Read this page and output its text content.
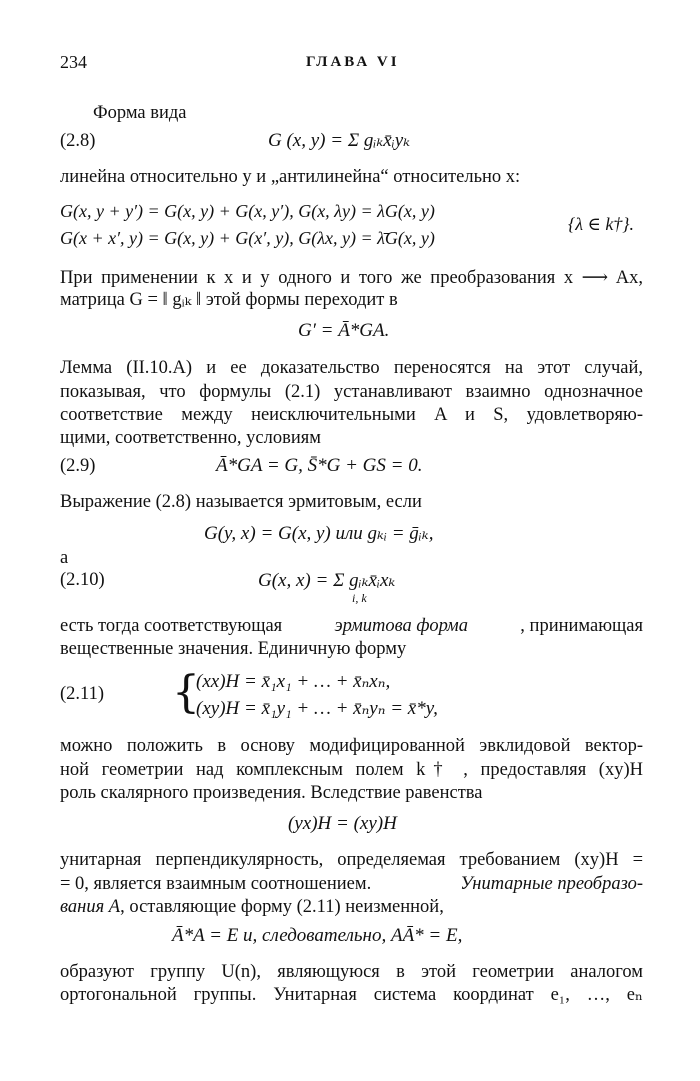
234	ГЛАВА VI
Форма вида
(2.8)	G (x, y) = Σ gᵢₖx̄ᵢyₖ
линейна относительно y и „антилинейна“ относительно x:
G(x, y + y′) = G(x, y) + G(x, y′), G(x, λy) = λG(x, y)
G(x + x′, y) = G(x, y) + G(x′, y), G(λx, y) = λ̄G(x, y)
{λ ∈ k†}.
При применении к x и y одного и того же преобразования x ⟶ Ax,
матрица G = ‖ gᵢₖ ‖ этой формы переходит в
G′ = Ā*GA.
Лемма (II.10.A) и ее доказательство переносятся на этот случай,
показывая, что формулы (2.1) устанавливают взаимно однозначное
соответствие между неисключительными A и S, удовлетворяю-
щими, соответственно, условиям
(2.9)	Ā*GA = G, S̄*G + GS = 0.
Выражение (2.8) называется эрмитовым, если
G(y, x) = G(x, y) или gₖᵢ = ḡᵢₖ,
а
(2.10)	G(x, x) = Σ gᵢₖx̄ᵢxₖ
i, k
есть тогда соответствующая	эрмитова форма	, принимающая
вещественные значения. Единичную форму
(2.11) {
(xx)H = x̄₁x₁ + … + x̄ₙxₙ,
(xy)H = x̄₁y₁ + … + x̄ₙyₙ = x̄*y,
можно положить в основу модифицированной эвклидовой вектор-
ной геометрии над комплексным полем k† , предоставляя (xy)H
роль скалярного произведения. Вследствие равенства
(yx)H = (xy)H
унитарная перпендикулярность, определяемая требованием (xy)H =
= 0, является взаимным соотношением.	Унитарные преобразо-
вания A, оставляющие форму (2.11) неизменной,
Ā*A = E и, следовательно, AĀ* = E,
образуют группу U(n), являющуюся в этой геометрии аналогом
ортогональной группы. Унитарная система координат e₁, …, eₙ
